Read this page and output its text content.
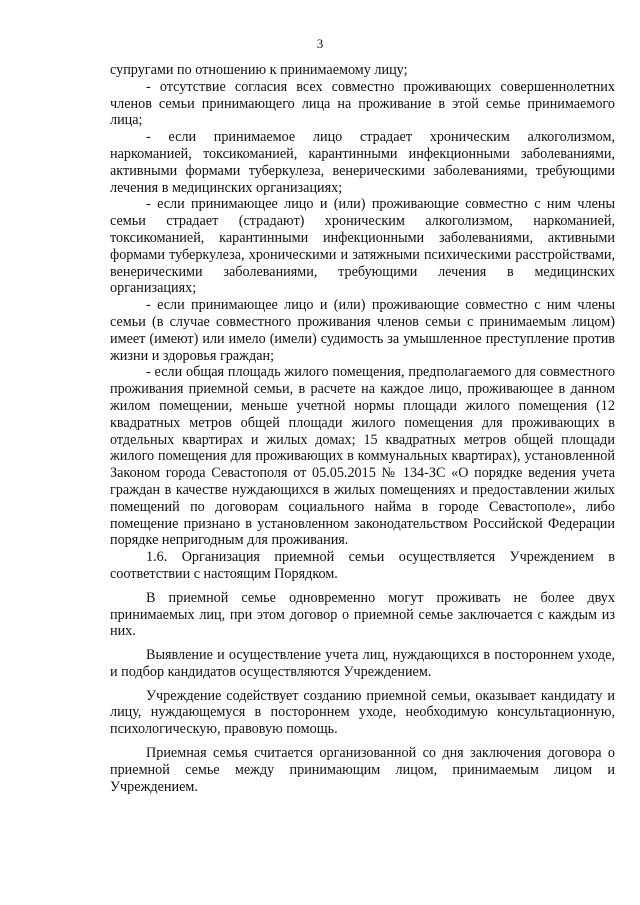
3

супругами по отношению к принимаемому лицу;

- отсутствие согласия всех совместно проживающих совершеннолетних членов семьи принимающего лица на проживание в этой семье принимаемого лица;

- если принимаемое лицо страдает хроническим алкоголизмом, наркоманией, токсикоманией, карантинными инфекционными заболеваниями, активными формами туберкулеза, венерическими заболеваниями, требующими лечения в медицинских организациях;

- если принимающее лицо и (или) проживающие совместно с ним члены семьи страдает (страдают) хроническим алкоголизмом, наркоманией, токсикоманией, карантинными инфекционными заболеваниями, активными формами туберкулеза, хроническими и затяжными психическими расстройствами, венерическими заболеваниями, требующими лечения в медицинских организациях;

- если принимающее лицо и (или) проживающие совместно с ним члены семьи (в случае совместного проживания членов семьи с принимаемым лицом) имеет (имеют) или имело (имели) судимость за умышленное преступление против жизни и здоровья граждан;

- если общая площадь жилого помещения, предполагаемого для совместного проживания приемной семьи, в расчете на каждое лицо, проживающее в данном жилом помещении, меньше учетной нормы площади жилого помещения (12 квадратных метров общей площади жилого помещения для проживающих в отдельных квартирах и жилых домах; 15 квадратных метров общей площади жилого помещения для проживающих в коммунальных квартирах), установленной Законом города Севастополя от 05.05.2015 № 134-ЗС «О порядке ведения учета граждан в качестве нуждающихся в жилых помещениях и предоставлении жилых помещений по договорам социального найма в городе Севастополе», либо помещение признано в установленном законодательством Российской Федерации порядке непригодным для проживания.

1.6. Организация приемной семьи осуществляется Учреждением в соответствии с настоящим Порядком.

В приемной семье одновременно могут проживать не более двух принимаемых лиц, при этом договор о приемной семье заключается с каждым из них.

Выявление и осуществление учета лиц, нуждающихся в постороннем уходе, и подбор кандидатов осуществляются Учреждением.

Учреждение содействует созданию приемной семьи, оказывает кандидату и лицу, нуждающемуся в постороннем уходе, необходимую консультационную, психологическую, правовую помощь.

Приемная семья считается организованной со дня заключения договора о приемной семье между принимающим лицом, принимаемым лицом и Учреждением.
